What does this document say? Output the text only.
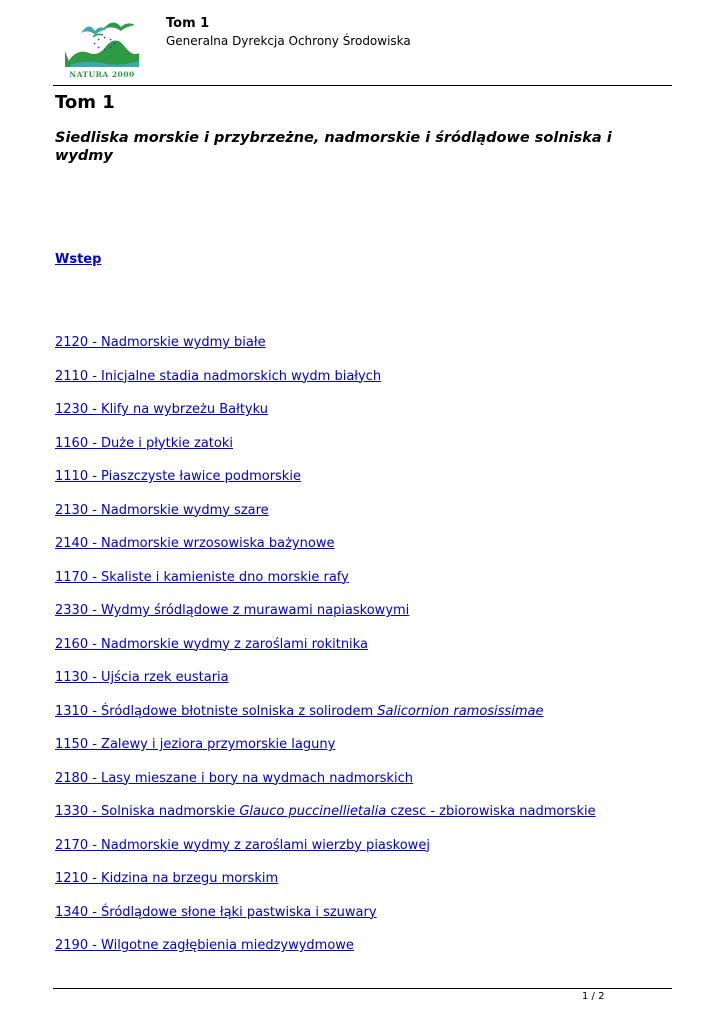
✦ ✦ ✦
✦	✦
✦ ✦ ✦
NATURA 2000
Tom 1
Generalna Dyrekcja Ochrony Środowiska
Tom 1
Siedliska morskie i przybrzeżne, nadmorskie i śródlądowe solniska i wydmy
Wstep
2120 - Nadmorskie wydmy białe
2110 - Inicjalne stadia nadmorskich wydm białych
1230 - Klify na wybrzeżu Bałtyku
1160 - Duże i płytkie zatoki
1110 - Piaszczyste ławice podmorskie
2130 - Nadmorskie wydmy szare
2140 - Nadmorskie wrzosowiska bażynowe
1170 - Skaliste i kamieniste dno morskie rafy
2330 - Wydmy śródlądowe z murawami napiaskowymi
2160 - Nadmorskie wydmy z zaroślami rokitnika
1130 - Ujścia rzek eustaria
1310 - Śródlądowe błotniste solniska z solirodem Salicornion ramosissimae
1150 - Zalewy i jeziora przymorskie laguny
2180 - Lasy mieszane i bory na wydmach nadmorskich
1330 - Solniska nadmorskie Glauco puccinellietalia czesc - zbiorowiska nadmorskie
2170 - Nadmorskie wydmy z zaroślami wierzby piaskowej
1210 - Kidzina na brzegu morskim
1340 - Śródlądowe słone łąki pastwiska i szuwary
2190 - Wilgotne zagłębienia miedzywydmowe
1 / 2
